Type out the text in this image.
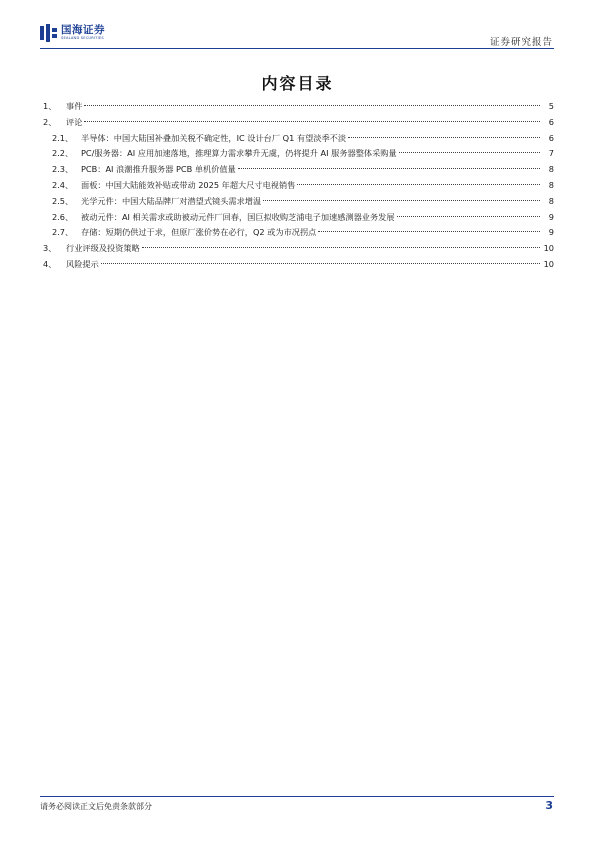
国海证券
SEALAND SECURITIES	证券研究报告
内容目录
1、	事件	5
2、	评论	6
2.1、 半导体：中国大陆国补叠加关税不确定性，IC 设计台厂 Q1 有望淡季不淡	6
2.2、 PC/服务器：AI 应用加速落地，推理算力需求攀升无虞，仍将提升 AI 服务器整体采购量	7
2.3、 PCB：AI 浪潮推升服务器 PCB 单机价值量	8
2.4、 面板：中国大陆能效补贴或带动 2025 年超大尺寸电视销售	8
2.5、 光学元件：中国大陆品牌厂对潜望式镜头需求增温	8
2.6、 被动元件：AI 相关需求或助被动元件厂回春，国巨拟收购芝浦电子加速感测器业务发展	9
2.7、 存储：短期仍供过于求，但原厂涨价势在必行，Q2 或为市况拐点	9
3、	行业评级及投资策略	10
4、	风险提示	10
请务必阅读正文后免责条款部分	3
